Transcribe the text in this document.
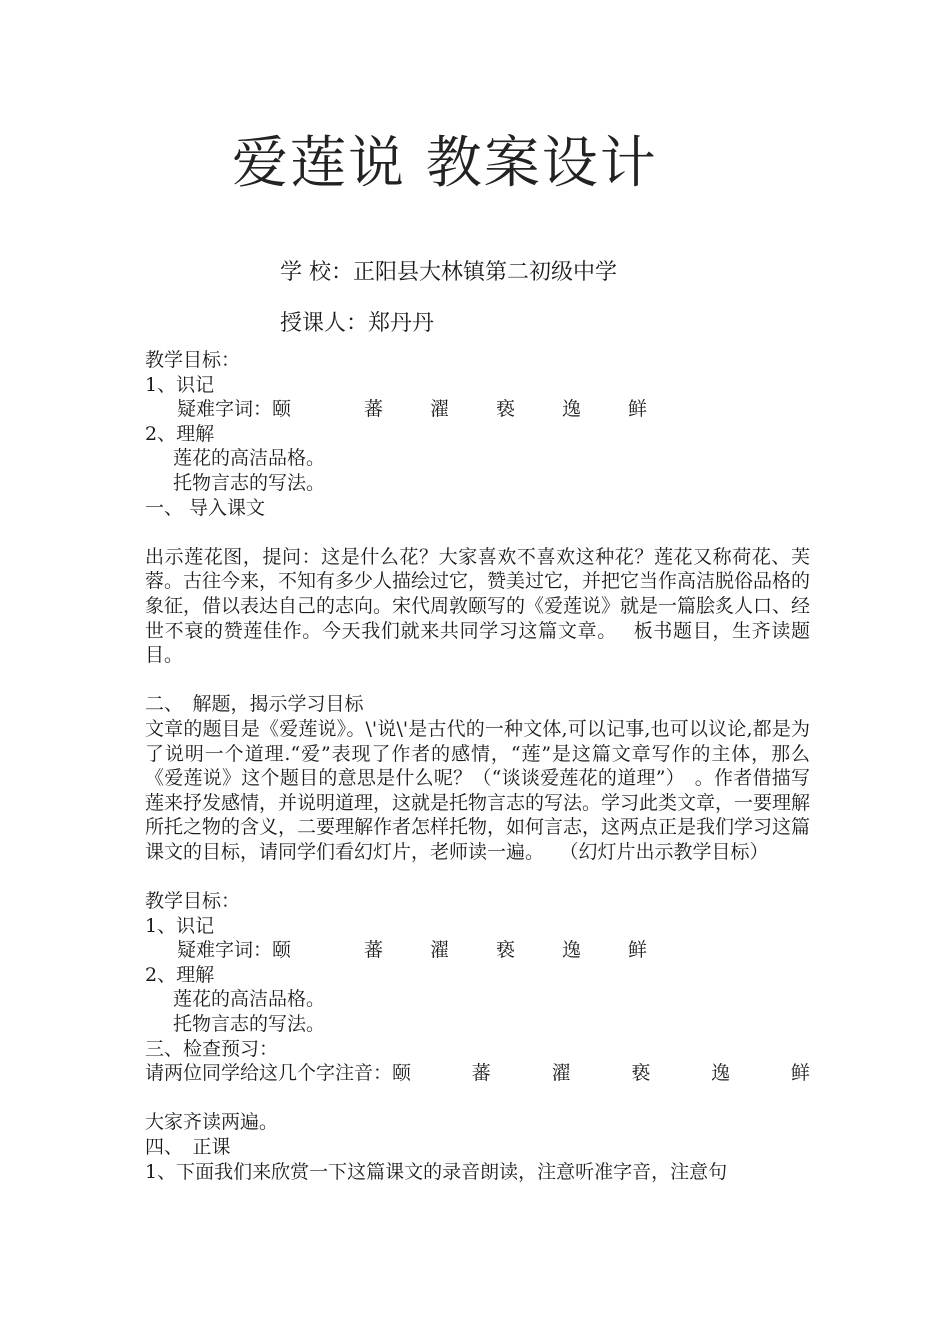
爱莲说 教案设计
学 校：正阳县大林镇第二初级中学
授课人：郑丹丹
教学目标：
1、识记
疑难字词： 颐	蕃	濯	亵	逸	鲜
2、理解
莲花的高洁品格。
托物言志的写法。
一、 导入课文
出示莲花图，提问：这是什么花？大家喜欢不喜欢这种花？莲花又称荷花、芙蓉。古往今来，不知有多少人描绘过它，赞美过它，并把它当作高洁脱俗品格的象征，借以表达自己的志向。宋代周敦颐写的《爱莲说》就是一篇脍炙人口、经世不衰的赞莲佳作。今天我们就来共同学习这篇文章。　 板书题目，生齐读题目。
二、　解题，揭示学习目标
文章的题目是《爱莲说》。\'说\'是古代的一种文体,可以记事,也可以议论,都是为了说明一个道理.“爱”表现了作者的感情，“莲”是这篇文章写作的主体，那么《爱莲说》这个题目的意思是什么呢？（“谈谈爱莲花的道理”）　。作者借描写莲来抒发感情，并说明道理，这就是托物言志的写法。学习此类文章，一要理解所托之物的含义，二要理解作者怎样托物，如何言志，这两点正是我们学习这篇课文的目标，请同学们看幻灯片，老师读一遍。　 （幻灯片出示教学目标）
教学目标：
1、识记
疑难字词： 颐	蕃	濯	亵	逸	鲜
2、理解
莲花的高洁品格。
托物言志的写法。
三、检查预习：
请两位同学给这几个字注音：颐	蕃	濯	亵	逸	鲜
大家齐读两遍。
四、　正课
1、下面我们来欣赏一下这篇课文的录音朗读，注意听准字音，注意句
